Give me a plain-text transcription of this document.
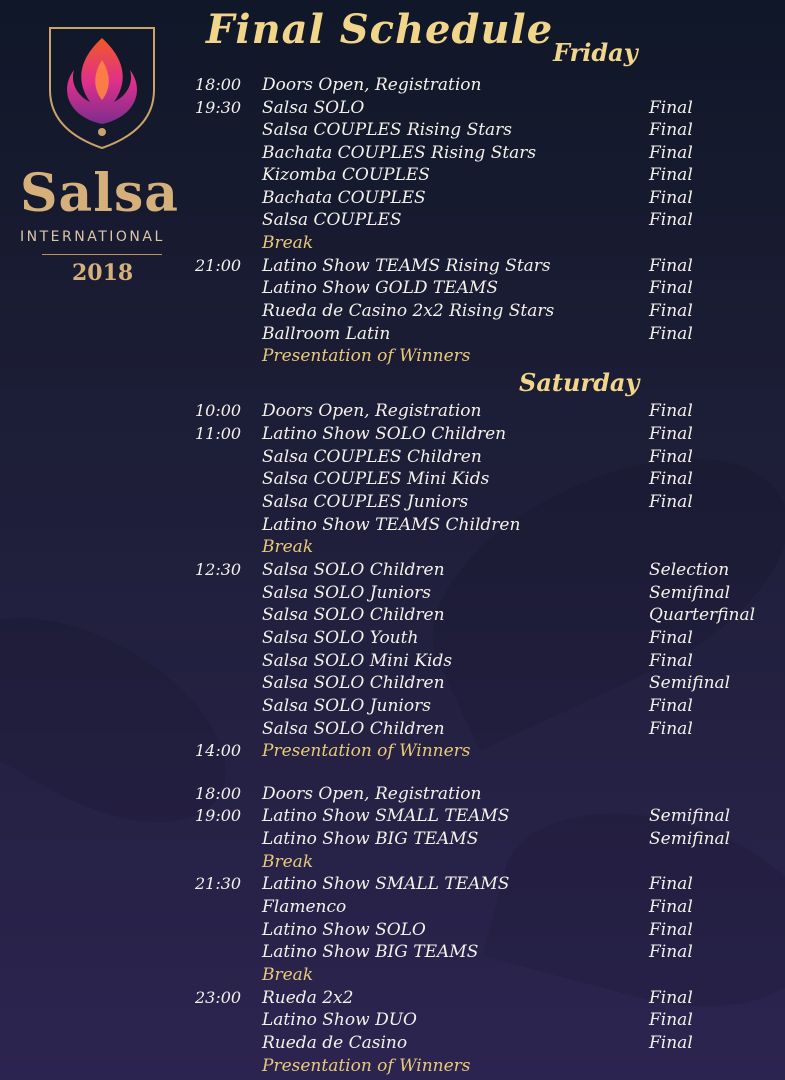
Salsa
INTERNATIONAL
2018
Final Schedule Friday
Saturday
18:00 Doors Open, Registration
19:30 Salsa SOLO	Final
Salsa COUPLES Rising Stars	Final
Bachata COUPLES Rising Stars	Final
Kizomba COUPLES	Final
Bachata COUPLES	Final
Salsa COUPLES	Final
Break
21:00 Latino Show TEAMS Rising Stars	Final
Latino Show GOLD TEAMS	Final
Rueda de Casino 2x2 Rising Stars	Final
Ballroom Latin	Final
Presentation of Winners
10:00 Doors Open, Registration	Final
11:00 Latino Show SOLO Children	Final
Salsa COUPLES Children	Final
Salsa COUPLES Mini Kids	Final
Salsa COUPLES Juniors	Final
Latino Show TEAMS Children
Break
12:30 Salsa SOLO Children	Selection
Salsa SOLO Juniors	Semifinal
Salsa SOLO Children	Quarterfinal
Salsa SOLO Youth	Final
Salsa SOLO Mini Kids	Final
Salsa SOLO Children	Semifinal
Salsa SOLO Juniors	Final
Salsa SOLO Children	Final
14:00 Presentation of Winners
18:00 Doors Open, Registration
19:00 Latino Show SMALL TEAMS	Semifinal
Latino Show BIG TEAMS	Semifinal
Break
21:30 Latino Show SMALL TEAMS	Final
Flamenco	Final
Latino Show SOLO	Final
Latino Show BIG TEAMS	Final
Break
23:00 Rueda 2x2	Final
Latino Show DUO	Final
Rueda de Casino	Final
Presentation of Winners
